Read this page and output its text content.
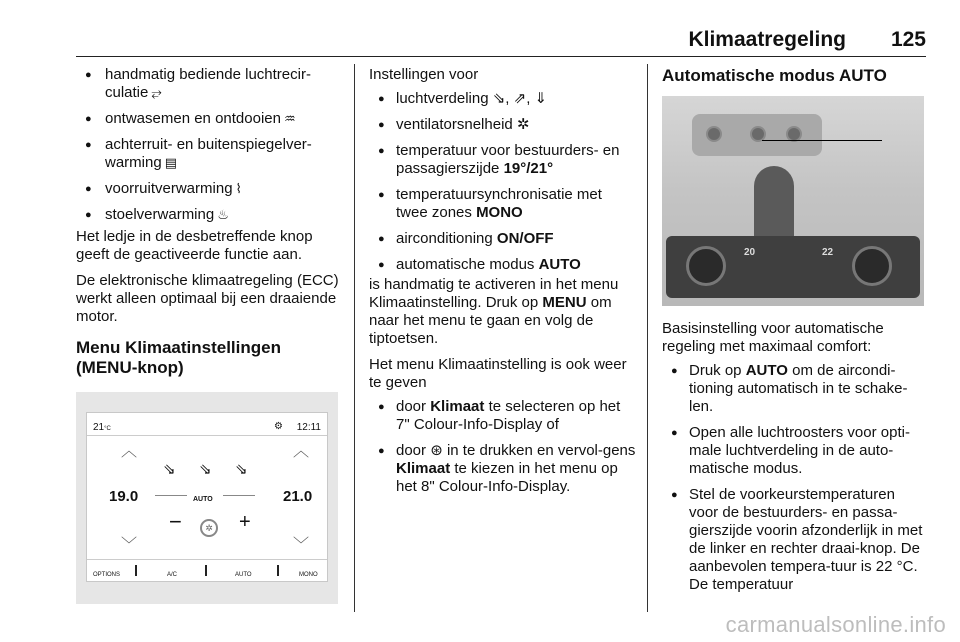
Klimaatregeling 125
● handmatig bediende luchtrecir-culatie ⥂
● ontwasemen en ontdooien ♒
● achterruit- en buitenspiegelver-warming ▤
● voorruitverwarming ⌇
● stoelverwarming ♨

Het ledje in de desbetreffende knop geeft de geactiveerde functie aan.

De elektronische klimaatregeling (ECC) werkt alleen optimaal bij een draaiende motor.

Menu Klimaatinstellingen (MENU-knop)
21°C	⚙ 12:11
︿
﹀
︿
﹀
19.0	21.0
⇘ ⇘ ⇘
AUTO
−	✲ +
OPTIONS	A/C	AUTO	MONO

Instellingen voor

● luchtverdeling ⇘, ⇗, ⇓
● ventilatorsnelheid ✲
● temperatuur voor bestuurders- en passagierszijde 19°/21°
● temperatuursynchronisatie met twee zones MONO
● airconditioning ON/OFF
● automatische modus AUTO

is handmatig te activeren in het menu Klimaatinstelling. Druk op MENU om naar het menu te gaan en volg de tiptoetsen.

Het menu Klimaatinstelling is ook weer te geven

● door Klimaat te selecteren op het 7" Colour-Info-Display of
● door ⊛ in te drukken en vervol-gens Klimaat te kiezen in het menu op het 8" Colour-Info-Display.
Automatische modus AUTO
20	22

Basisinstelling voor automatische regeling met maximaal comfort:

● Druk op AUTO om de aircondi-tioning automatisch in te schake-len.
● Open alle luchtroosters voor opti-male luchtverdeling in de auto-matische modus.
● Stel de voorkeurstemperaturen voor de bestuurders- en passa-gierszijde voorin afzonderlijk in met de linker en rechter draai-knop. De aanbevolen tempera-tuur is 22 °C. De temperatuur
carmanualsonline.info
